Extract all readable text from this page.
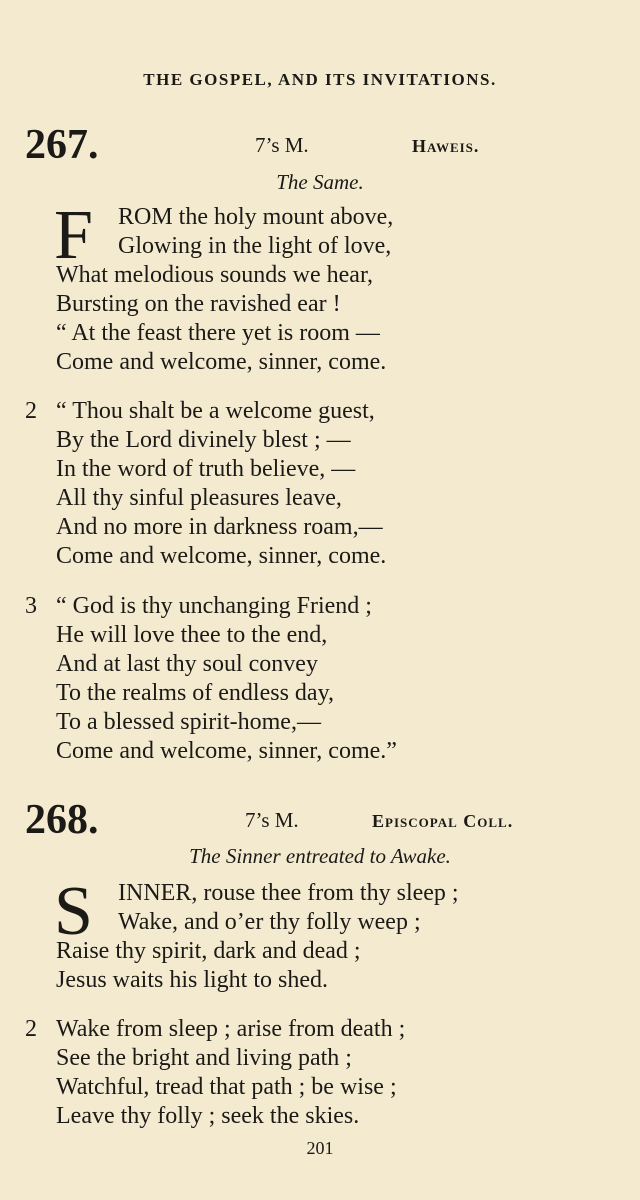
THE GOSPEL, AND ITS INVITATIONS.
267.	7’s M.	Haweis.
The Same.
F ROM the holy mount above,
Glowing in the light of love,
What melodious sounds we hear,
Bursting on the ravished ear !
“ At the feast there yet is room —
Come and welcome, sinner, come.
2 “ Thou shalt be a welcome guest,
By the Lord divinely blest ; —
In the word of truth believe, —
All thy sinful pleasures leave,
And no more in darkness roam,—
Come and welcome, sinner, come.
3 “ God is thy unchanging Friend ;
He will love thee to the end,
And at last thy soul convey
To the realms of endless day,
To a blessed spirit-home,—
Come and welcome, sinner, come.”
268.	7’s M.	Episcopal Coll.
The Sinner entreated to Awake.
S INNER, rouse thee from thy sleep ;
Wake, and o’er thy folly weep ;
Raise thy spirit, dark and dead ;
Jesus waits his light to shed.
2 Wake from sleep ; arise from death ;
See the bright and living path ;
Watchful, tread that path ; be wise ;
Leave thy folly ; seek the skies.
201
